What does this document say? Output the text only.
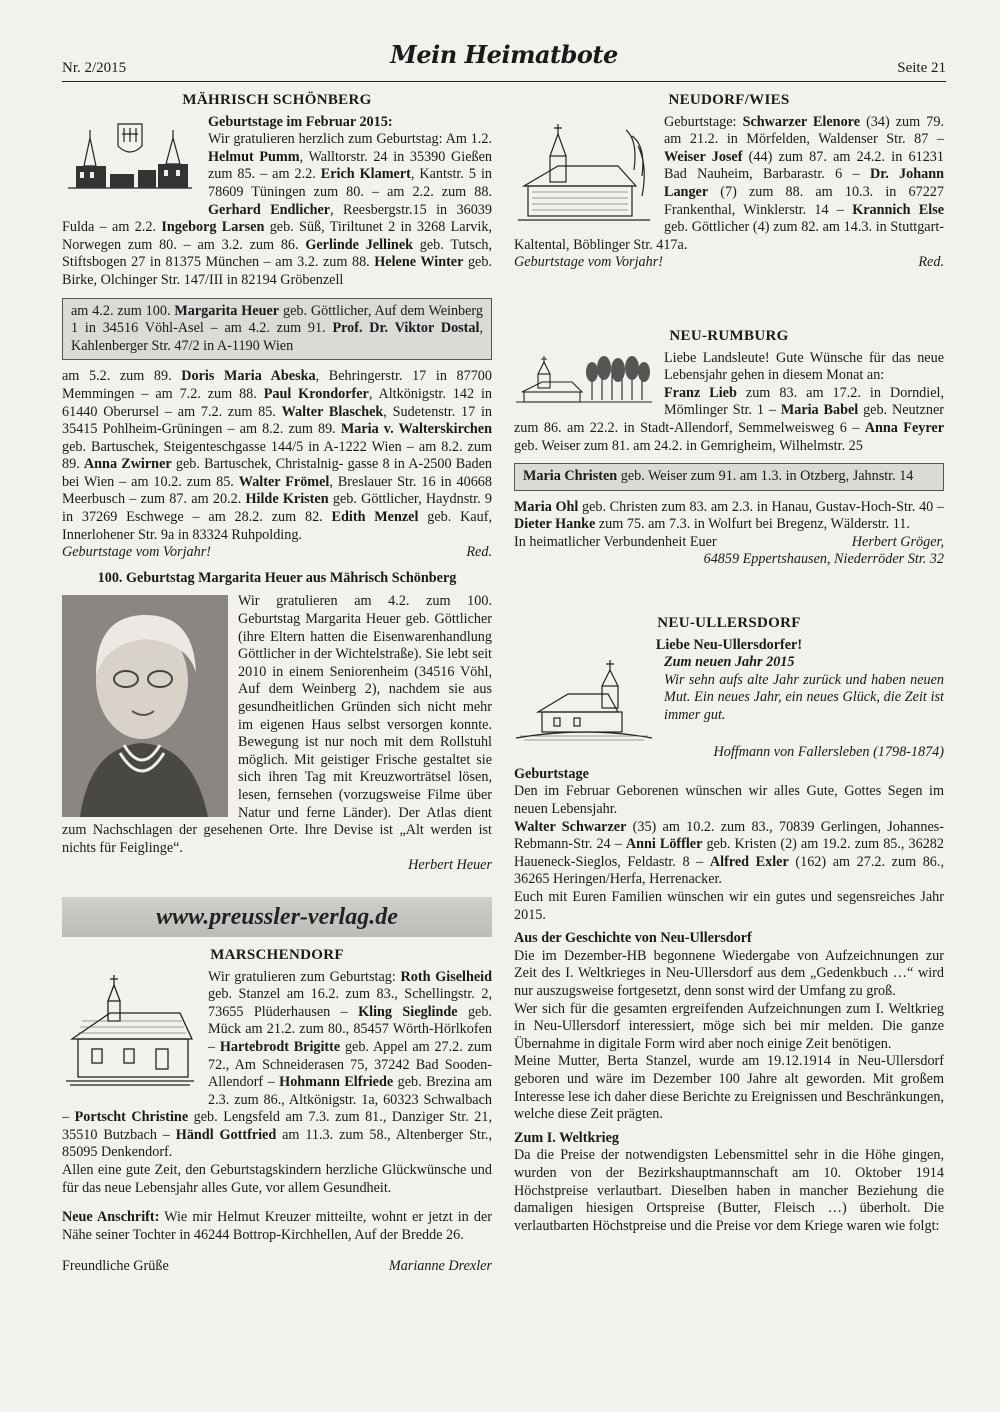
Nr. 2/2015	Mein Heimatbote	Seite 21
MÄHRISCH SCHÖNBERG
Geburtstage im Februar 2015:

Wir gratulieren herzlich zum Geburtstag: Am 1.2. Helmut Pumm, Walltorstr. 24 in 35390 Gießen zum 85. – am 2.2. Erich Klamert, Kantstr. 5 in 78609 Tüningen zum 80. – am 2.2. zum 88. Gerhard Endlicher, Reesbergstr.15 in 36039 Fulda – am 2.2. Ingeborg Larsen geb. Süß, Tiriltunet 2 in 3268 Larvik, Norwegen zum 80. – am 3.2. zum 86. Gerlinde Jellinek geb. Tutsch, Stiftsbogen 27 in 81375 München – am 3.2. zum 88. Helene Winter geb. Birke, Olchinger Str. 147/III in 82194 Gröbenzell

am 4.2. zum 100. Margarita Heuer geb. Göttlicher, Auf dem Weinberg 1 in 34516 Vöhl-Asel – am 4.2. zum 91. Prof. Dr. Viktor Dostal, Kahlenberger Str. 47/2 in A-1190 Wien

am 5.2. zum 89. Doris Maria Abeska, Behringerstr. 17 in 87700 Memmingen – am 7.2. zum 88. Paul Krondorfer, Altkönigstr. 142 in 61440 Oberursel – am 7.2. zum 85. Walter Blaschek, Sudetenstr. 17 in 35415 Pohlheim-Grüningen – am 8.2. zum 89. Maria v. Walterskirchen geb. Bartuschek, Steigenteschgasse 144/5 in A-1222 Wien – am 8.2. zum 89. Anna Zwirner geb. Bartuschek, Christalnig- gasse 8 in A-2500 Baden bei Wien – am 10.2. zum 85. Walter Frömel, Breslauer Str. 16 in 40668 Meerbusch – zum 87. am 20.2. Hilde Kristen geb. Göttlicher, Haydnstr. 9 in 37269 Eschwege – am 28.2. zum 82. Edith Menzel geb. Kauf, Innerlohener Str. 9a in 83324 Ruhpolding.

Geburtstage vom Vorjahr!	Red.
100. Geburtstag Margarita Heuer aus Mährisch Schönberg

Wir gratulieren am 4.2. zum 100. Geburtstag Margarita Heuer geb. Göttlicher (ihre Eltern hatten die Eisenwarenhandlung Göttlicher in der Wichtelstraße). Sie lebt seit 2010 in einem Seniorenheim (34516 Vöhl, Auf dem Weinberg 2), nachdem sie aus gesundheitlichen Gründen sich nicht mehr im eigenen Haus selbst versorgen konnte. Bewegung ist nur noch mit dem Rollstuhl möglich. Mit geistiger Frische gestaltet sie sich ihren Tag mit Kreuzworträtsel lösen, lesen, fernsehen (vorzugsweise Filme über Natur und ferne Länder). Der Atlas dient zum Nachschlagen der gesehenen Orte. Ihre Devise ist „Alt werden ist nichts für Feiglinge“.

Herbert Heuer
www.preussler-verlag.de
MARSCHENDORF

Wir gratulieren zum Geburtstag: Roth Giselheid geb. Stanzel am 16.2. zum 83., Schellingstr. 2, 73655 Plüderhausen – Kling Sieglinde geb. Mück am 21.2. zum 80., 85457 Wörth-Hörlkofen – Hartebrodt Brigitte geb. Appel am 27.2. zum 72., Am Schneiderasen 75, 37242 Bad Sooden-Allendorf – Hohmann Elfriede geb. Brezina am 2.3. zum 86., Altkönigstr. 1a, 60323 Schwalbach – Portscht Christine geb. Lengsfeld am 7.3. zum 81., Danziger Str. 21, 35510 Butzbach – Händl Gottfried am 11.3. zum 58., Altenberger Str., 85095 Denkendorf.

Allen eine gute Zeit, den Geburtstagskindern herzliche Glückwünsche und für das neue Lebensjahr alles Gute, vor allem Gesundheit.

Neue Anschrift: Wie mir Helmut Kreuzer mitteilte, wohnt er jetzt in der Nähe seiner Tochter in 46244 Bottrop-Kirchhellen, Auf der Bredde 26.

Freundliche Grüße	Marianne Drexler
NEUDORF/WIES

Geburtstage: Schwarzer Elenore (34) zum 79. am 21.2. in Mörfelden, Waldenser Str. 87 – Weiser Josef (44) zum 87. am 24.2. in 61231 Bad Nauheim, Barbarastr. 6 – Dr. Johann Langer (7) zum 88. am 10.3. in 67227 Frankenthal, Winklerstr. 14 – Krannich Else geb. Göttlicher (4) zum 82. am 14.3. in Stuttgart-Kaltental, Böblinger Str. 417a.

Geburtstage vom Vorjahr!	Red.
NEU-RUMBURG

Liebe Landsleute! Gute Wünsche für das neue Lebensjahr gehen in diesem Monat an:

Franz Lieb zum 83. am 17.2. in Dorndiel, Mömlinger Str. 1 – Maria Babel geb. Neutzner zum 86. am 22.2. in Stadt-Allendorf, Semmelweisweg 6 – Anna Feyrer geb. Weiser zum 81. am 24.2. in Gemrigheim, Wilhelmstr. 25

Maria Christen geb. Weiser zum 91. am 1.3. in Otzberg, Jahnstr. 14

Maria Ohl geb. Christen zum 83. am 2.3. in Hanau, Gustav-Hoch-Str. 40 – Dieter Hanke zum 75. am 7.3. in Wolfurt bei Bregenz, Wälderstr. 11.

In heimatlicher Verbundenheit Euer	Herbert Gröger,
64859 Eppertshausen, Niederröder Str. 32
NEU-ULLERSDORF
Liebe Neu-Ullersdorfer!
Zum neuen Jahr 2015

Wir sehn aufs alte Jahr zurück und haben neuen Mut. Ein neues Jahr, ein neues Glück, die Zeit ist immer gut.

Hoffmann von Fallersleben (1798-1874)
Geburtstage

Den im Februar Geborenen wünschen wir alles Gute, Gottes Segen im neuen Lebensjahr.

Walter Schwarzer (35) am 10.2. zum 83., 70839 Gerlingen, Johannes-Rebmann-Str. 24 – Anni Löffler geb. Kristen (2) am 19.2. zum 85., 36282 Haueneck-Sieglos, Feldastr. 8 – Alfred Exler (162) am 27.2. zum 86., 36265 Heringen/Herfa, Herrenacker.

Euch mit Euren Familien wünschen wir ein gutes und segensreiches Jahr 2015.

Aus der Geschichte von Neu-Ullersdorf

Die im Dezember-HB begonnene Wiedergabe von Aufzeichnungen zur Zeit des I. Weltkrieges in Neu-Ullersdorf aus dem „Gedenkbuch …“ wird nur auszugsweise fortgesetzt, denn sonst wird der Umfang zu groß.

Wer sich für die gesamten ergreifenden Aufzeichnungen zum I. Weltkrieg in Neu-Ullersdorf interessiert, möge sich bei mir melden. Die ganze Übernahme in digitale Form wird aber noch einige Zeit benötigen.

Meine Mutter, Berta Stanzel, wurde am 19.12.1914 in Neu-Ullersdorf geboren und wäre im Dezember 100 Jahre alt geworden. Mit großem Interesse lese ich daher diese Berichte zu Ereignissen und Beschränkungen, welche diese Zeit prägten.

Zum I. Weltkrieg

Da die Preise der notwendigsten Lebensmittel sehr in die Höhe gingen, wurden von der Bezirkshauptmannschaft am 10. Oktober 1914 Höchstpreise verlautbart. Dieselben haben in mancher Beziehung die damaligen hiesigen Ortspreise (Butter, Fleisch …) überholt. Die verlautbarten Höchstpreise und die Preise vor dem Kriege waren wie folgt:
